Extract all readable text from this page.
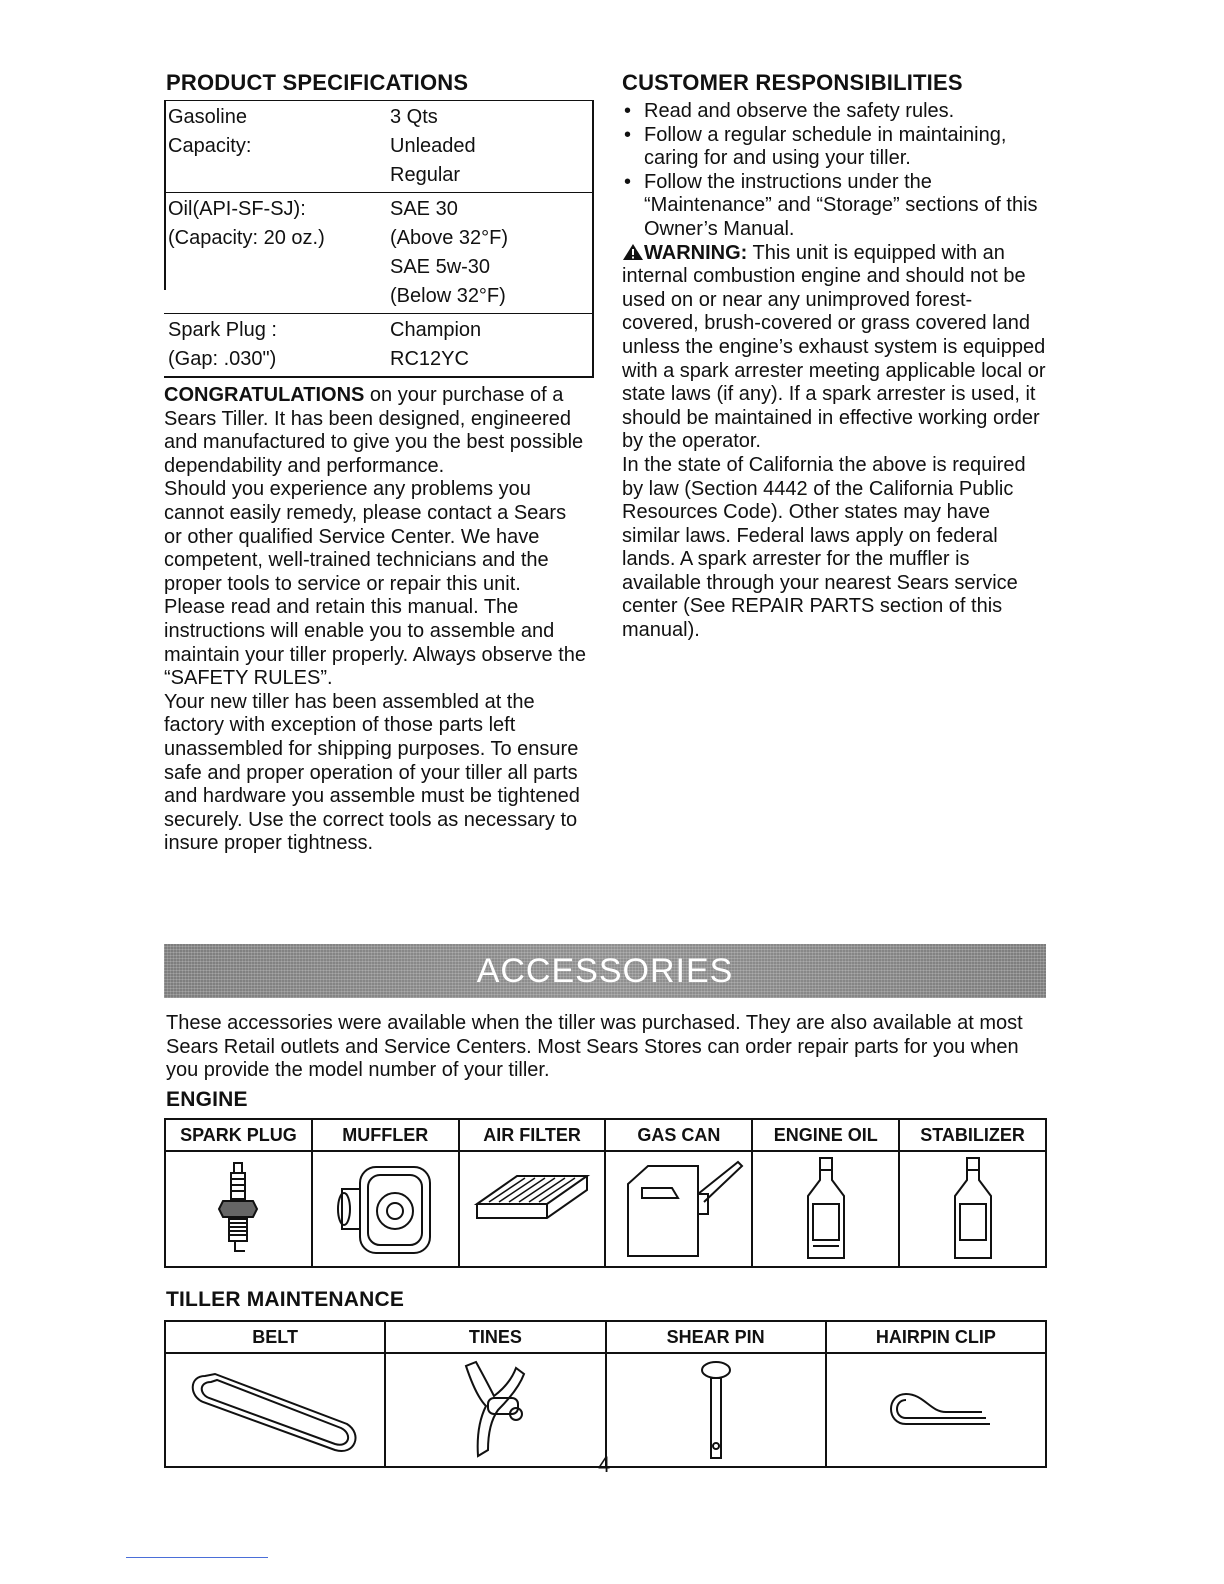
PRODUCT SPECIFICATIONS
Gasoline	3 Qts
Capacity:	Unleaded
Regular
Oil(API-SF-SJ):	SAE 30
(Capacity: 20 oz.)	(Above 32°F)
SAE 5w-30
(Below 32°F)
Spark Plug :	Champion
(Gap: .030")	RC12YC

CONGRATULATIONS on your purchase of a Sears Tiller. It has been designed, engineered and manufactured to give you the best possible dependability and performance.

Should you experience any problems you cannot easily remedy, please contact a Sears or other qualified Service Center. We have competent, well-trained technicians and the proper tools to service or repair this unit.

Please read and retain this manual. The instructions will enable you to assemble and maintain your tiller properly. Always observe the “SAFETY RULES”.

Your new tiller has been assembled at the factory with exception of those parts left unassembled for shipping purposes. To ensure safe and proper operation of your tiller all parts and hardware you assemble must be tightened securely. Use the correct tools as necessary to insure proper tightness.

CUSTOMER RESPONSIBILITIES
• Read and observe the safety rules.
• Follow a regular schedule in maintaining, caring for and using your tiller.
• Follow the instructions under the “Maintenance” and “Storage” sections of this Owner’s Manual.

WARNING: This unit is equipped with an internal combustion engine and should not be used on or near any unimproved forest-covered, brush-covered or grass covered land unless the engine’s exhaust system is equipped with a spark arrester meeting applicable local or state laws (if any). If a spark arrester is used, it should be maintained in effective working order by the operator.

In the state of California the above is required by law (Section 4442 of the California Public Resources Code). Other states may have similar laws. Federal laws apply on federal lands. A spark arrester for the muffler is available through your nearest Sears service center (See REPAIR PARTS section of this manual).

ACCESSORIES
These accessories were available when the tiller was purchased. They are also available at most Sears Retail outlets and Service Centers. Most Sears Stores can order repair parts for you when you provide the model number of your tiller.
ENGINE
SPARK PLUG	MUFFLER	AIR FILTER	GAS CAN	ENGINE OIL	STABILIZER

TILLER MAINTENANCE
BELT	TINES	SHEAR PIN	HAIRPIN CLIP

4
